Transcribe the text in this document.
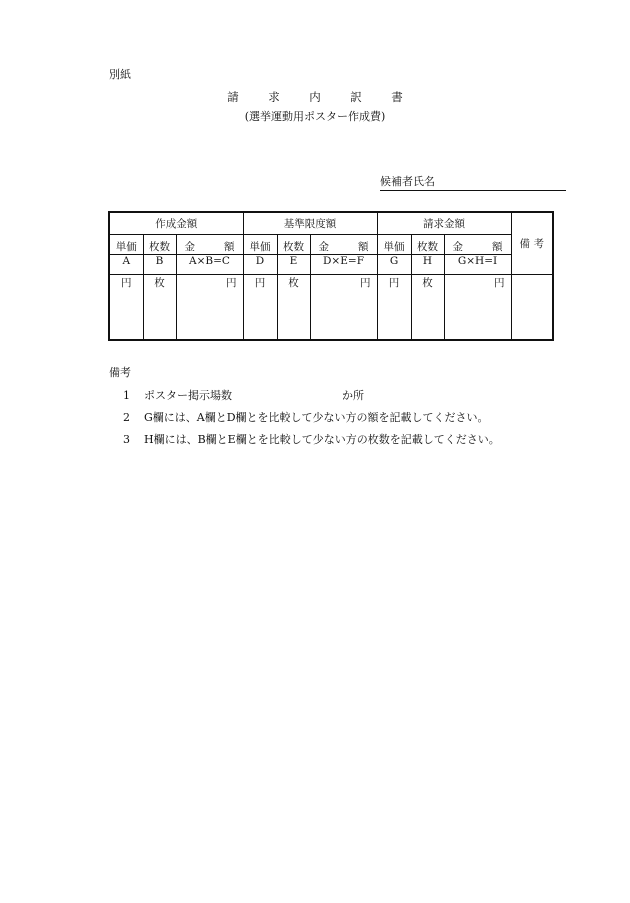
別紙
請	求	内	訳	書
(選挙運動用ポスター作成費)
候補者氏名
作成金額			基準限度額			請求金額			備 考

単価	枚数	金 額	単価	枚数	金 額	単価	枚数	金 額	

A	B	A×B=C	D	E	D×E=F	G	H	G×H=I	
円	枚	円	円	枚	円	円	枚	円	
備考
1 ポスター掲示場数	か所
2 G欄には、A欄とD欄とを比較して少ない方の額を記載してください。
3 H欄には、B欄とE欄とを比較して少ない方の枚数を記載してください。
